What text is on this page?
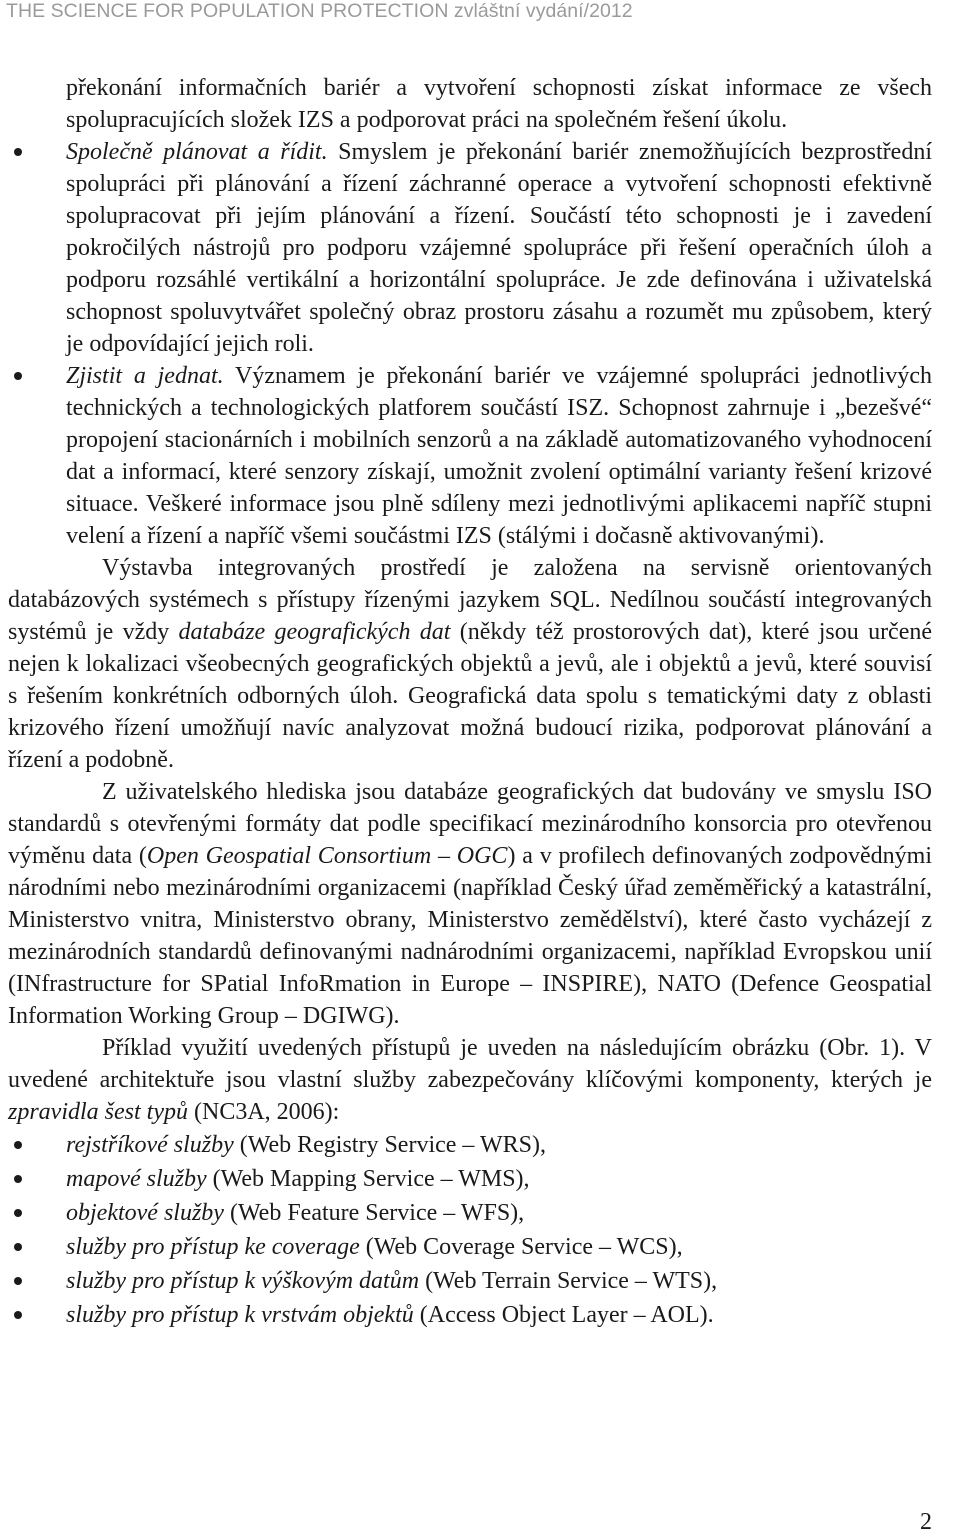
THE SCIENCE FOR POPULATION PROTECTION zvláštní vydání/2012

překonání informačních bariér a vytvoření schopnosti získat informace ze všech spolupracujících složek IZS a podporovat práci na společném řešení úkolu.

Společně plánovat a řídit. Smyslem je překonání bariér znemožňujících bezprostřední spolupráci při plánování a řízení záchranné operace a vytvoření schopnosti efektivně spolupracovat při jejím plánování a řízení. Součástí této schopnosti je i zavedení pokročilých nástrojů pro podporu vzájemné spolupráce při řešení operačních úloh a podporu rozsáhlé vertikální a horizontální spolupráce. Je zde definována i uživatelská schopnost spoluvytvářet společný obraz prostoru zásahu a rozumět mu způsobem, který je odpovídající jejich roli.
Zjistit a jednat. Významem je překonání bariér ve vzájemné spolupráci jednotlivých technických a technologických platforem součástí ISZ. Schopnost zahrnuje i „bezešvé“ propojení stacionárních i mobilních senzorů a na základě automatizovaného vyhodnocení dat a informací, které senzory získají, umožnit zvolení optimální varianty řešení krizové situace. Veškeré informace jsou plně sdíleny mezi jednotlivými aplikacemi napříč stupni velení a řízení a napříč všemi součástmi IZS (stálými i dočasně aktivovanými).

Výstavba integrovaných prostředí je založena na servisně orientovaných databázových systémech s přístupy řízenými jazykem SQL. Nedílnou součástí integrovaných systémů je vždy databáze geografických dat (někdy též prostorových dat), které jsou určené nejen k lokalizaci všeobecných geografických objektů a jevů, ale i objektů a jevů, které souvisí s řešením konkrétních odborných úloh. Geografická data spolu s tematickými daty z oblasti krizového řízení umožňují navíc analyzovat možná budoucí rizika, podporovat plánování a řízení a podobně.

Z uživatelského hlediska jsou databáze geografických dat budovány ve smyslu ISO standardů s otevřenými formáty dat podle specifikací mezinárodního konsorcia pro otevřenou výměnu data (Open Geospatial Consortium – OGC) a v profilech definovaných zodpovědnými národními nebo mezinárodními organizacemi (například Český úřad zeměměřický a katastrální, Ministerstvo vnitra, Ministerstvo obrany, Ministerstvo zemědělství), které často vycházejí z mezinárodních standardů definovanými nadnárodními organizacemi, například Evropskou unií (INfrastructure for SPatial InfoRmation in Europe – INSPIRE), NATO (Defence Geospatial Information Working Group – DGIWG).

Příklad využití uvedených přístupů je uveden na následujícím obrázku (Obr. 1). V uvedené architektuře jsou vlastní služby zabezpečovány klíčovými komponenty, kterých je zpravidla šest typů (NC3A, 2006):

rejstříkové služby (Web Registry Service – WRS),
mapové služby (Web Mapping Service – WMS),
objektové služby (Web Feature Service – WFS),
služby pro přístup ke coverage (Web Coverage Service – WCS),
služby pro přístup k výškovým datům (Web Terrain Service – WTS),
služby pro přístup k vrstvám objektů (Access Object Layer – AOL).
2
